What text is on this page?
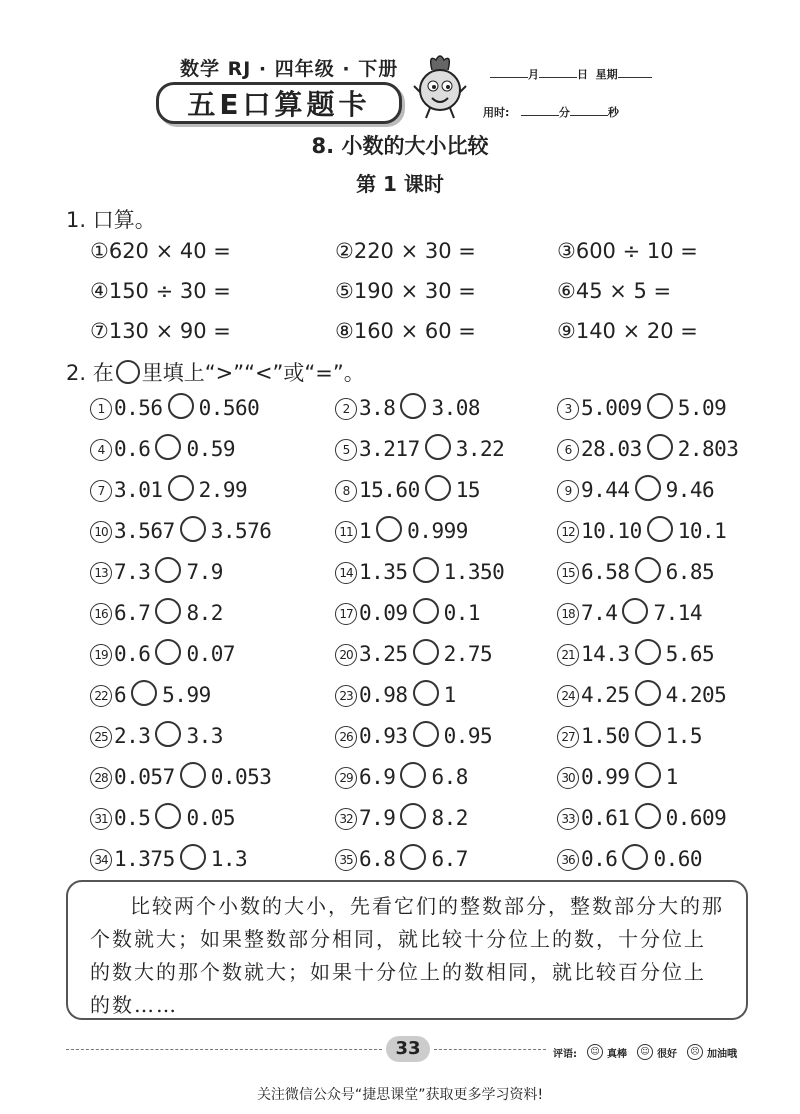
数学 RJ · 四年级 · 下册
五E口算题卡
月	日 星期
用时:	分	秒
8. 小数的大小比较
第 1 课时
1. 口算。
①620 × 40 =	②220 × 30 =	③600 ÷ 10 =
④150 ÷ 30 =	⑤190 × 30 =	⑥45 × 5 =
⑦130 × 90 =	⑧160 × 60 =	⑨140 × 20 =
2. 在 里填上“>”“<”或“=”。
1 0.56 0.560	2 3.8 3.08	3 5.009 5.09
4 0.6 0.59	5 3.217 3.22	6 28.03 2.803
7 3.01 2.99	8 15.60 15	9 9.44 9.46
10 3.567 3.576	11 1 0.999	12 10.10 10.1
13 7.3 7.9	14 1.35 1.350	15 6.58 6.85
16 6.7 8.2	17 0.09 0.1	18 7.4 7.14
19 0.6 0.07	20 3.25 2.75	21 14.3 5.65
22 6 5.99	23 0.98 1	24 4.25 4.205
25 2.3 3.3	26 0.93 0.95	27 1.50 1.5
28 0.057 0.053	29 6.9 6.8	30 0.99 1
31 0.5 0.05	32 7.9 8.2	33 0.61 0.609
34 1.375 1.3	35 6.8 6.7	36 0.6 0.60
比较两个小数的大小，先看它们的整数部分，整数部分大的那个数就大；如果整数部分相同，就比较十分位上的数，十分位上的数大的那个数就大；如果十分位上的数相同，就比较百分位上的数……
33	评语:	☺ 真棒	☺ 很好	☹ 加油哦
关注微信公众号“捷思课堂”获取更多学习资料!
